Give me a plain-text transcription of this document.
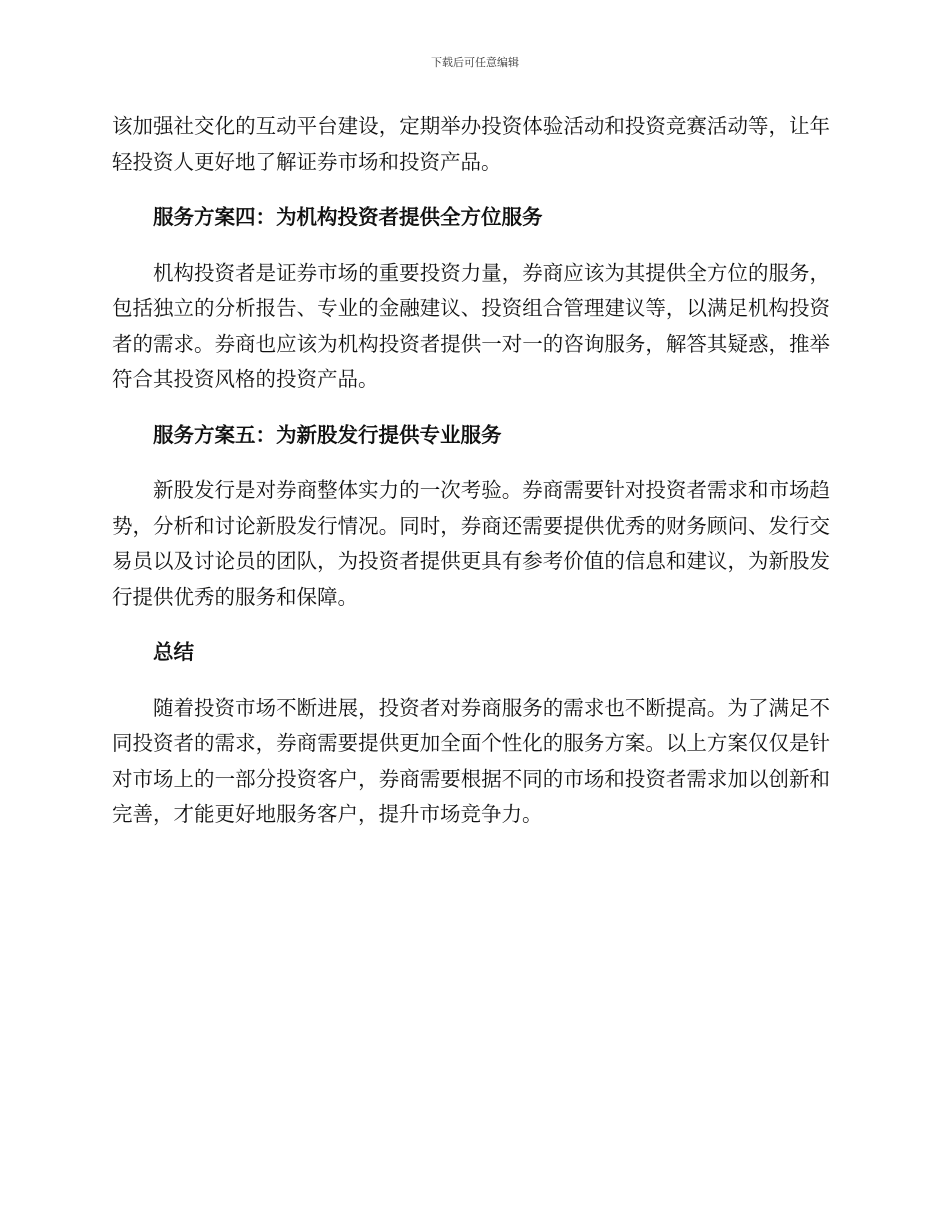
下载后可任意编辑

该加强社交化的互动平台建设，定期举办投资体验活动和投资竞赛活动等，让年轻投资人更好地了解证券市场和投资产品。

服务方案四：为机构投资者提供全方位服务

机构投资者是证券市场的重要投资力量，券商应该为其提供全方位的服务，包括独立的分析报告、专业的金融建议、投资组合管理建议等，以满足机构投资者的需求。券商也应该为机构投资者提供一对一的咨询服务，解答其疑惑，推举符合其投资风格的投资产品。

服务方案五：为新股发行提供专业服务

新股发行是对券商整体实力的一次考验。券商需要针对投资者需求和市场趋势，分析和讨论新股发行情况。同时，券商还需要提供优秀的财务顾问、发行交易员以及讨论员的团队，为投资者提供更具有参考价值的信息和建议，为新股发行提供优秀的服务和保障。

总结

随着投资市场不断进展，投资者对券商服务的需求也不断提高。为了满足不同投资者的需求，券商需要提供更加全面个性化的服务方案。以上方案仅仅是针对市场上的一部分投资客户，券商需要根据不同的市场和投资者需求加以创新和完善，才能更好地服务客户，提升市场竞争力。
